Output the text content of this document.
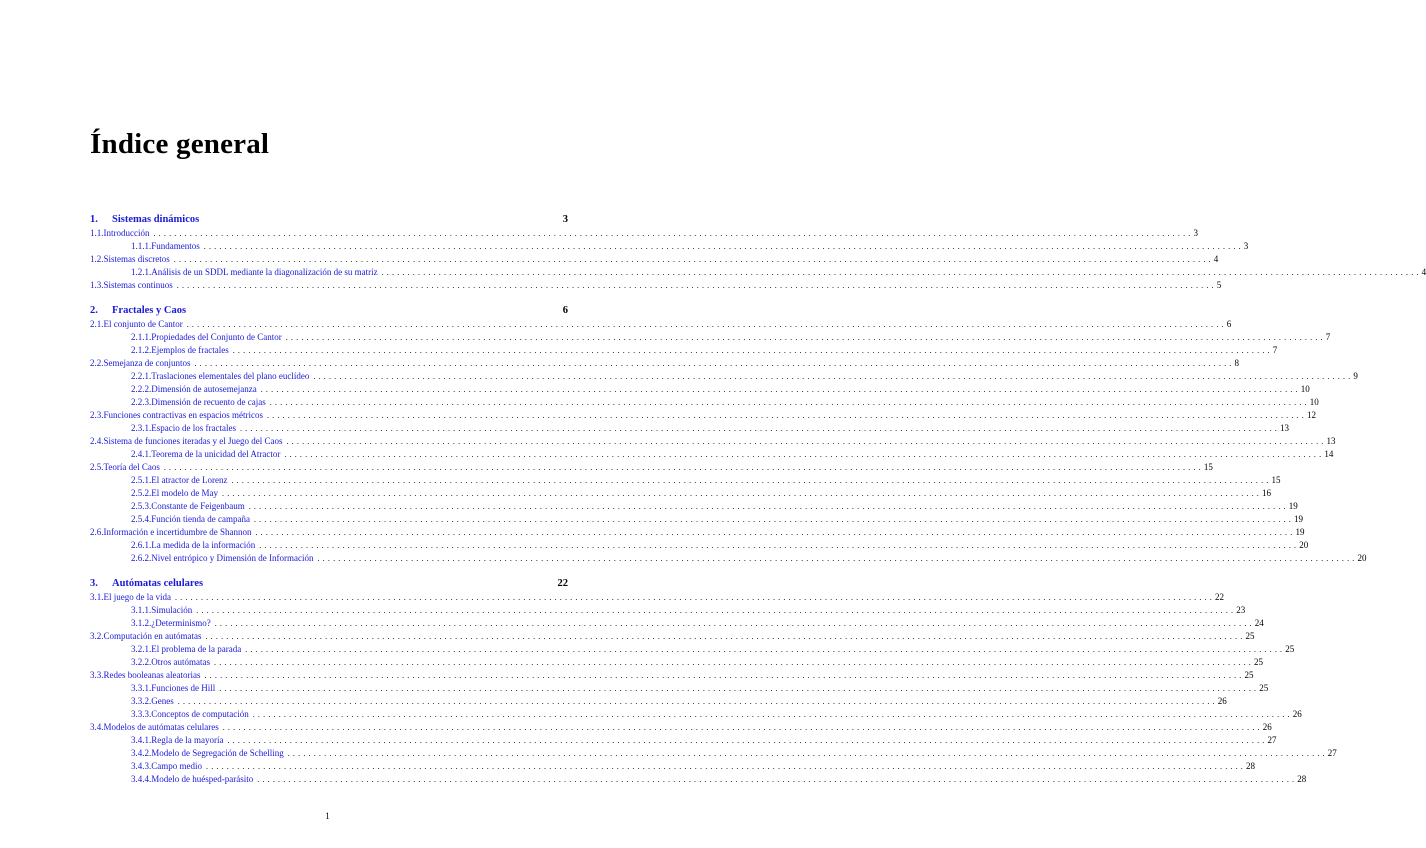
Índice general
1.	Sistemas dinámicos	3
1.1. Introducción ........................................................................................................................................................................................................ 3
1.1.1. Fundamentos ........................................................................................................................................................................................................ 3
1.2. Sistemas discretos ........................................................................................................................................................................................................ 4
1.2.1. Análisis de un SDDL mediante la diagonalización de su matriz ........................................................................................................................................................................................................ 4
1.3. Sistemas continuos ........................................................................................................................................................................................................ 5
2.	Fractales y Caos	6
2.1. El conjunto de Cantor ........................................................................................................................................................................................................ 6
2.1.1. Propiedades del Conjunto de Cantor ........................................................................................................................................................................................................ 7
2.1.2. Ejemplos de fractales ........................................................................................................................................................................................................ 7
2.2. Semejanza de conjuntos ........................................................................................................................................................................................................ 8
2.2.1. Traslaciones elementales del plano euclídeo ........................................................................................................................................................................................................ 9
2.2.2. Dimensión de autosemejanza ........................................................................................................................................................................................................ 10
2.2.3. Dimensión de recuento de cajas ........................................................................................................................................................................................................ 10
2.3. Funciones contractivas en espacios métricos ........................................................................................................................................................................................................ 12
2.3.1. Espacio de los fractales ........................................................................................................................................................................................................ 13
2.4. Sistema de funciones iteradas y el Juego del Caos ........................................................................................................................................................................................................ 13
2.4.1. Teorema de la unicidad del Atractor ........................................................................................................................................................................................................ 14
2.5. Teoría del Caos ........................................................................................................................................................................................................ 15
2.5.1. El atractor de Lorenz ........................................................................................................................................................................................................ 15
2.5.2. El modelo de May ........................................................................................................................................................................................................ 16
2.5.3. Constante de Feigenbaum ........................................................................................................................................................................................................ 19
2.5.4. Función tienda de campaña ........................................................................................................................................................................................................ 19
2.6. Información e incertidumbre de Shannon ........................................................................................................................................................................................................ 19
2.6.1. La medida de la información ........................................................................................................................................................................................................ 20
2.6.2. Nivel entrópico y Dimensión de Información ........................................................................................................................................................................................................ 20
3.	Autómatas celulares	22
3.1. El juego de la vida ........................................................................................................................................................................................................ 22
3.1.1. Simulación ........................................................................................................................................................................................................ 23
3.1.2. ¿Determinismo? ........................................................................................................................................................................................................ 24
3.2. Computación en autómatas ........................................................................................................................................................................................................ 25
3.2.1. El problema de la parada ........................................................................................................................................................................................................ 25
3.2.2. Otros autómatas ........................................................................................................................................................................................................ 25
3.3. Redes booleanas aleatorias ........................................................................................................................................................................................................ 25
3.3.1. Funciones de Hill ........................................................................................................................................................................................................ 25
3.3.2. Genes ........................................................................................................................................................................................................ 26
3.3.3. Conceptos de computación ........................................................................................................................................................................................................ 26
3.4. Modelos de autómatas celulares ........................................................................................................................................................................................................ 26
3.4.1. Regla de la mayoría ........................................................................................................................................................................................................ 27
3.4.2. Modelo de Segregación de Schelling ........................................................................................................................................................................................................ 27
3.4.3. Campo medio ........................................................................................................................................................................................................ 28
3.4.4. Modelo de huésped-parásito ........................................................................................................................................................................................................ 28
1
